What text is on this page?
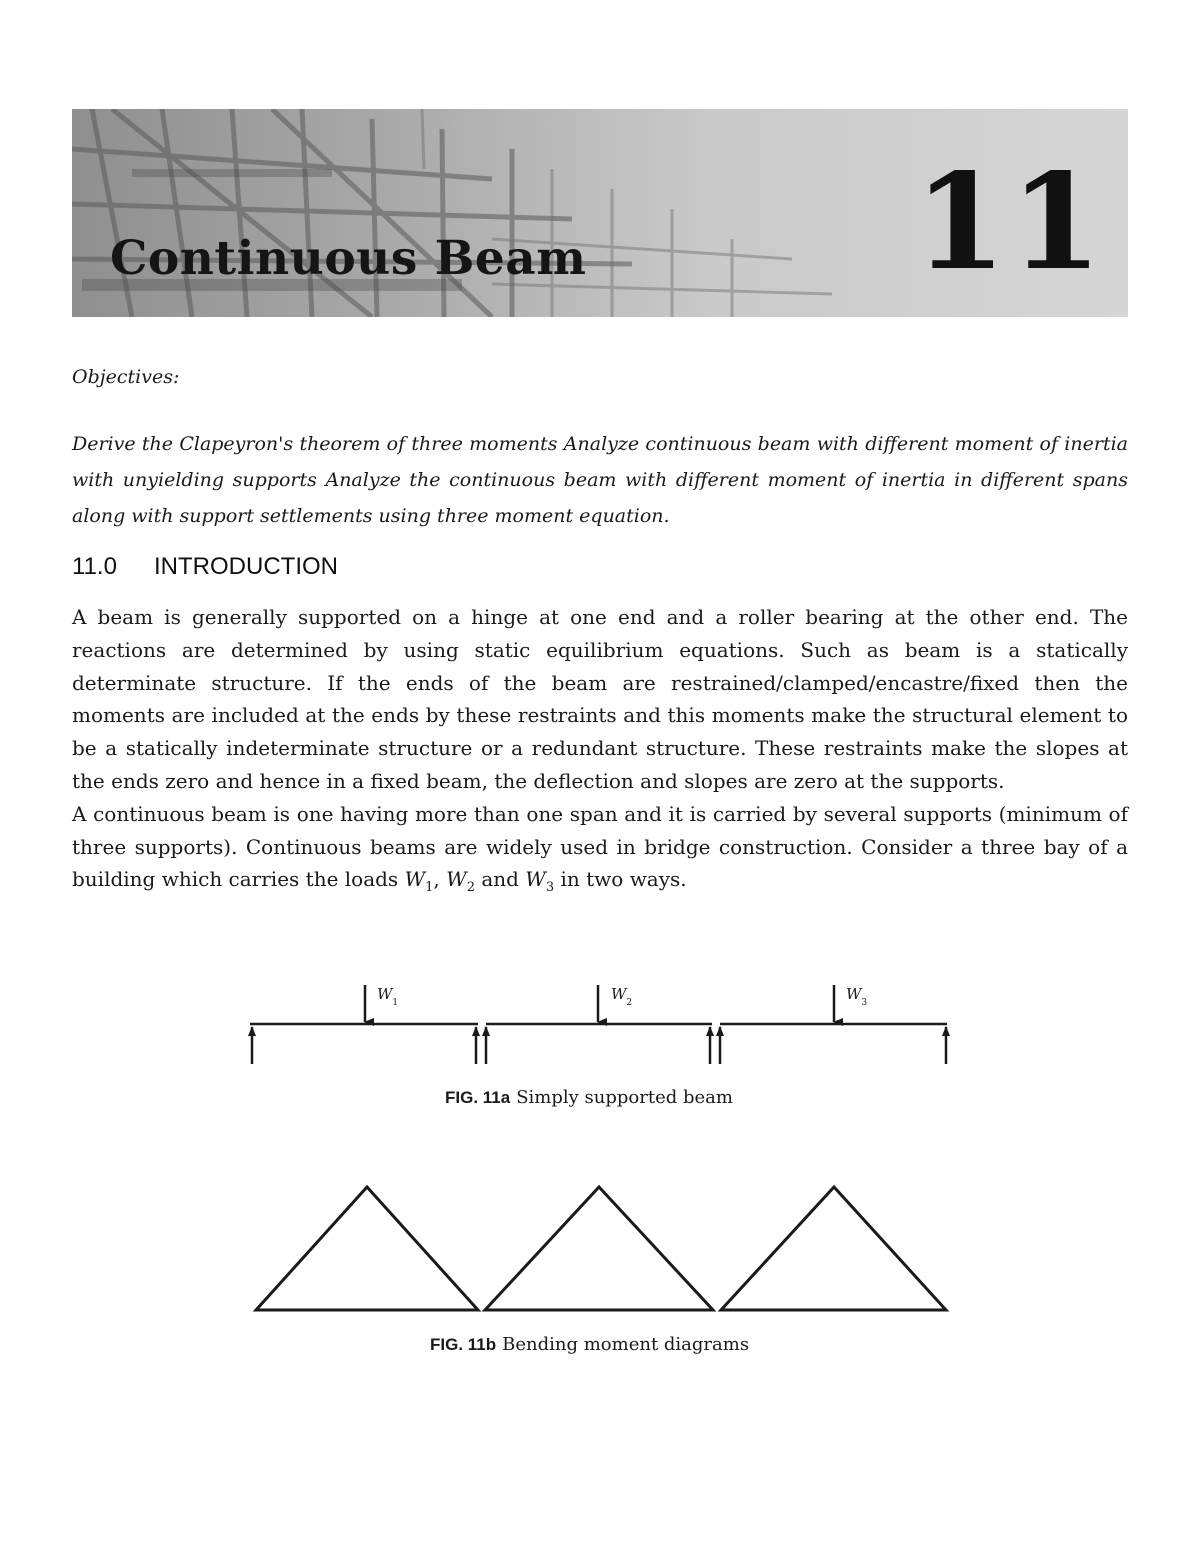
Continuous Beam 11
Objectives:
Derive the Clapeyron's theorem of three moments Analyze continuous beam with different moment of inertia with unyielding supports Analyze the continuous beam with different moment of inertia in different spans along with support settlements using three moment equation.
11.0 INTRODUCTION

A beam is generally supported on a hinge at one end and a roller bearing at the other end. The reactions are determined by using static equilibrium equations. Such as beam is a statically determinate structure. If the ends of the beam are restrained/clamped/encastre/fixed then the moments are included at the ends by these restraints and this moments make the structural element to be a statically indeterminate structure or a redundant structure. These restraints make the slopes at the ends zero and hence in a fixed beam, the deflection and slopes are zero at the supports.

A continuous beam is one having more than one span and it is carried by several supports (minimum of three supports). Continuous beams are widely used in bridge construction. Consider a three bay of a building which carries the loads $W_1$, $W_2$ and $W_3$ in two ways.

$W_1$	$W_2$	$W_3$
FIG. 11a Simply supported beam
FIG. 11b Bending moment diagrams
